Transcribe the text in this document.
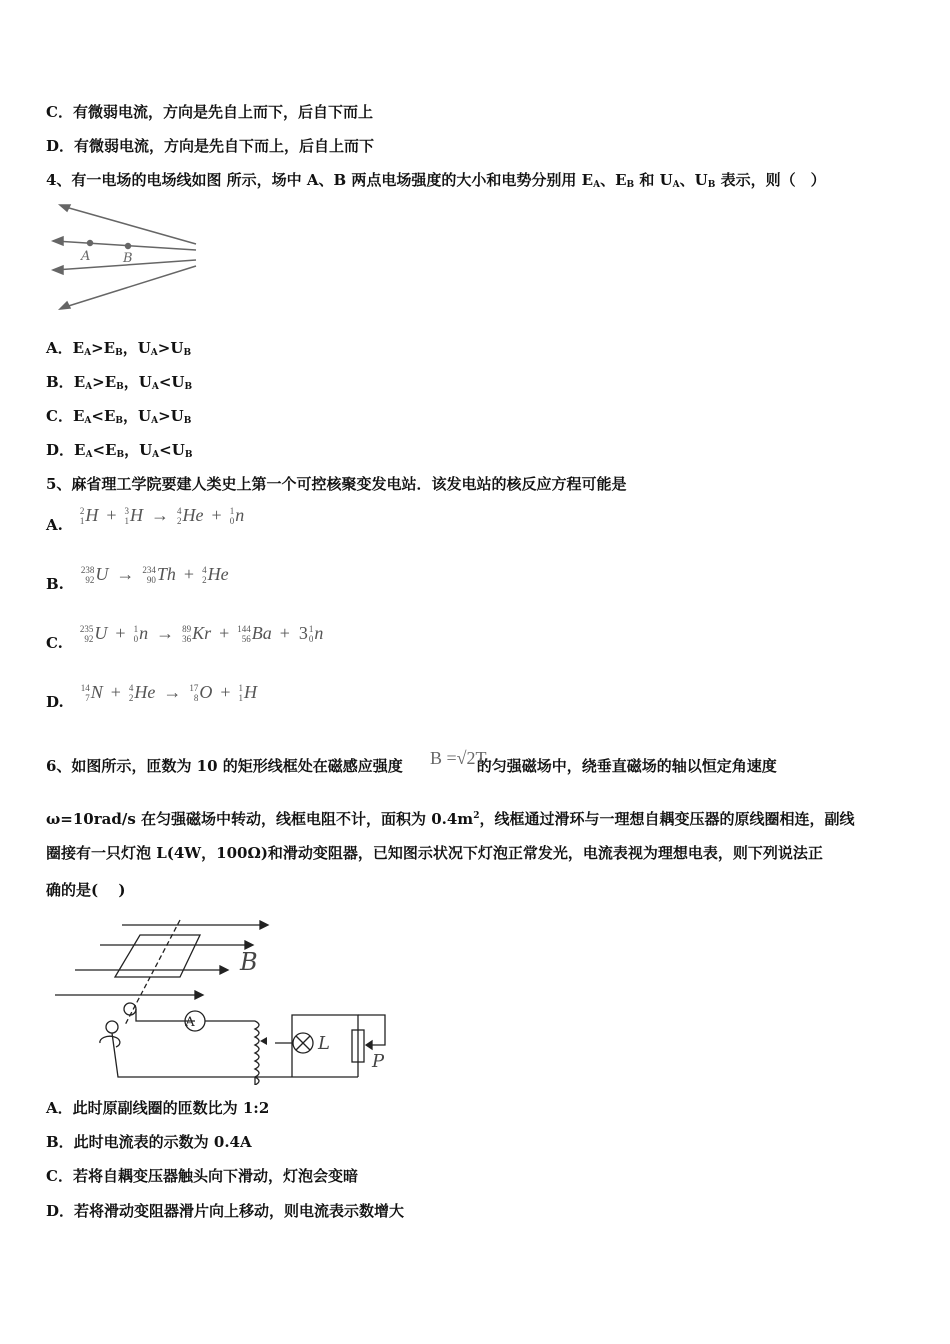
C．有微弱电流，方向是先自上而下，后自下而上
D．有微弱电流，方向是先自下而上，后自上而下
4、有一电场的电场线如图 所示，场中 A、B 两点电场强度的大小和电势分别用 $E_A$、$E_B$ 和 $U_A$、$U_B$ 表示，则（　）
A	B
A．$E_A>E_B$，$U_A>U_B$
B．$E_A>E_B$，$U_A<U_B$
C．$E_A<E_B$，$U_A>U_B$
D．$E_A<E_B$，$U_A<U_B$
5、麻省理工学院要建人类史上第一个可控核聚变发电站．该发电站的核反应方程可能是
A.
2
1 H + 3
1 H → 4
2 He + 1
0 n
B.
238
92 U → 234
90 Th + 4
2 He
C.
235
92 U + 1
0 n → 89
36 Kr + 144
56 Ba + 3 1
0 n
D.
14
7 N + 4
2 He → 17
8 O + 1
1 H
6、如图所示，匝数为 10 的矩形线框处在磁感应强度	的匀强磁场中，绕垂直磁场的轴以恒定角速度
B =√2T
ω=10rad/s 在匀强磁场中转动，线框电阻不计，面积为 $0.4m^2$，线框通过滑环与一理想自耦变压器的原线圈相连，副线
圈接有一只灯泡 L(4W，100Ω)和滑动变阻器，已知图示状况下灯泡正常发光，电流表视为理想电表，则下列说法正
确的是(　 )
B
A
L
P
A．此时原副线圈的匝数比为 1:2
B．此时电流表的示数为 0.4A
C．若将自耦变压器触头向下滑动，灯泡会变暗
D．若将滑动变阻器滑片向上移动，则电流表示数增大
